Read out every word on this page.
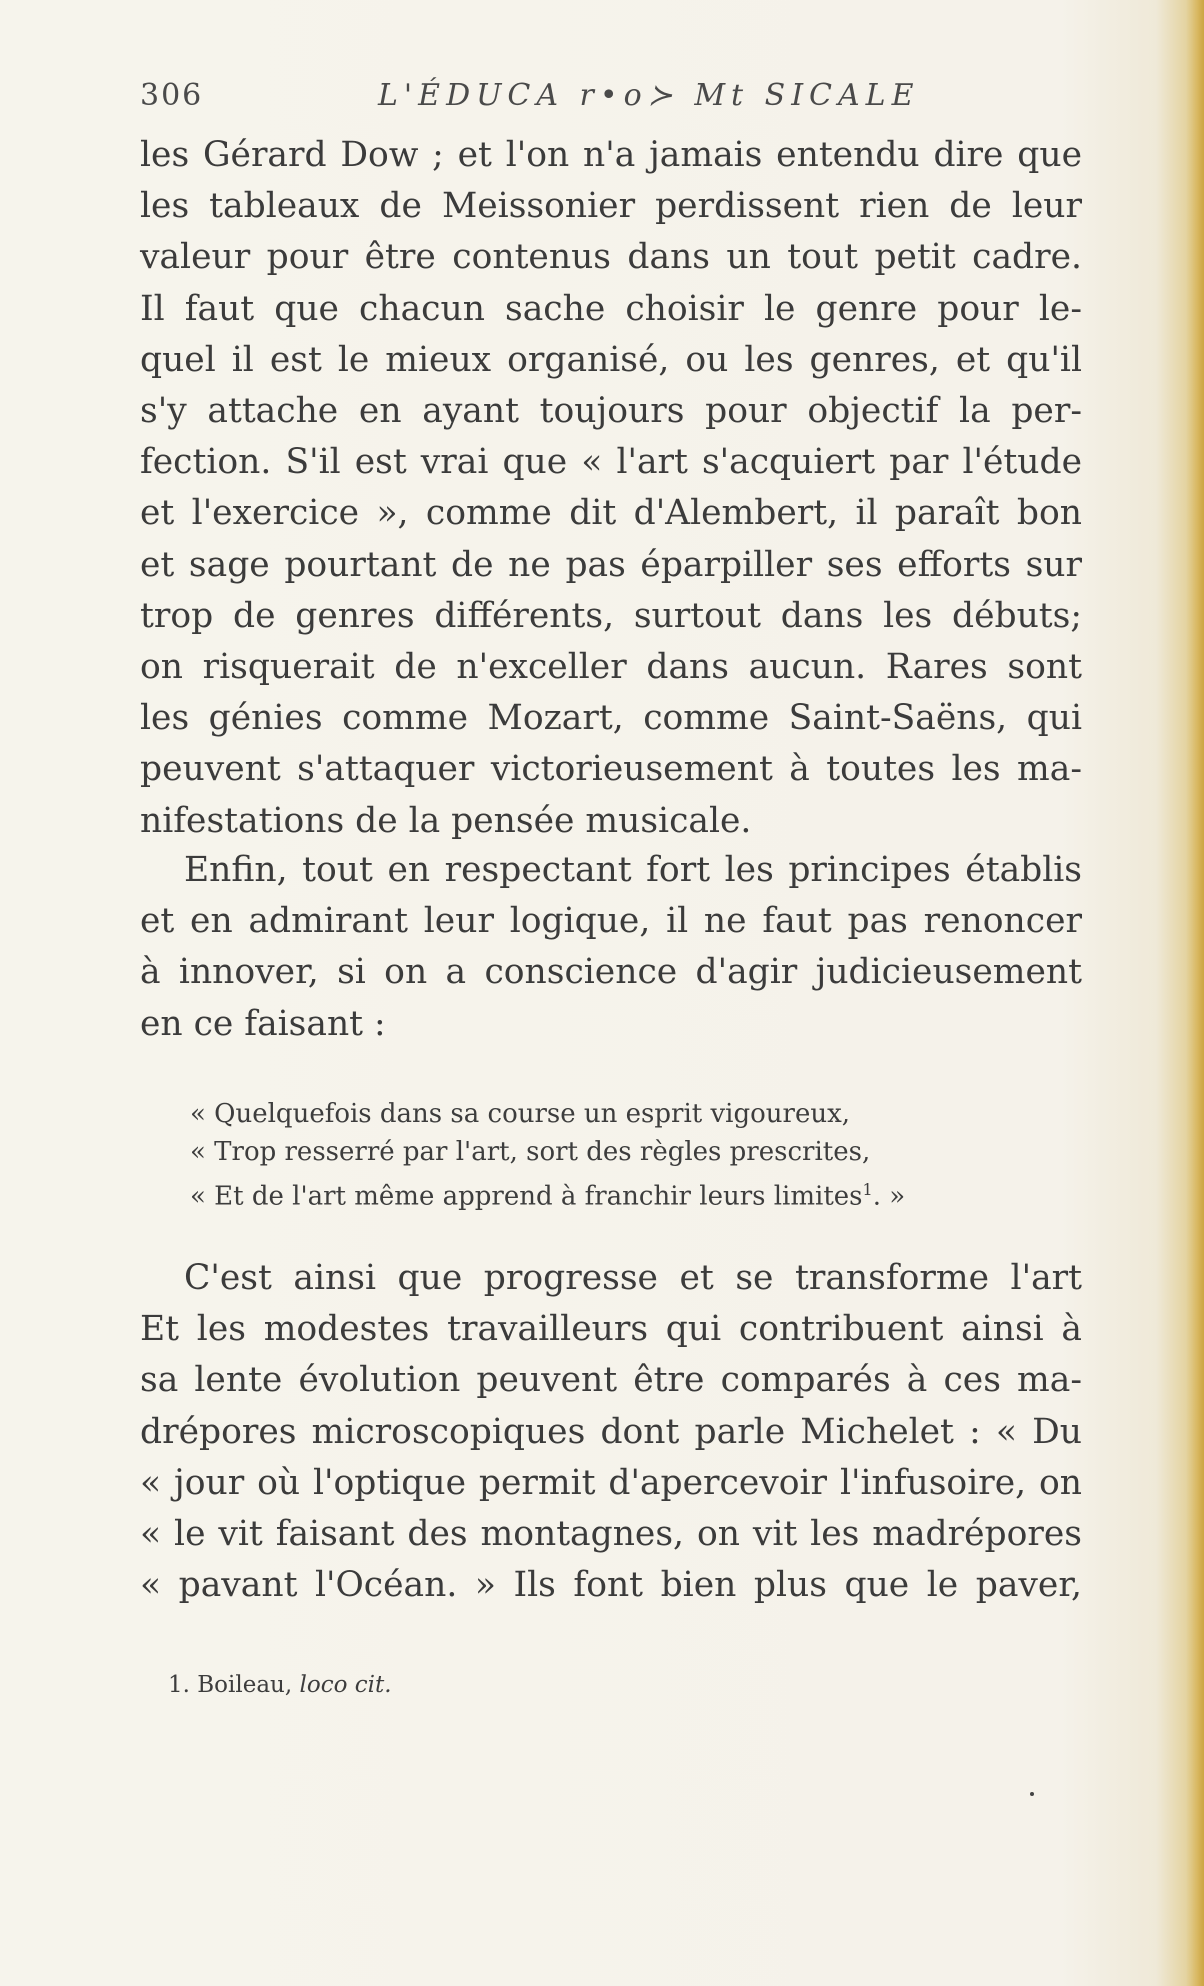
306	L'ÉDUCA r•o≻ Mt SICALE
les Gérard Dow ; et l'on n'a jamais entendu dire que
les tableaux de Meissonier perdissent rien de leur
valeur pour être contenus dans un tout petit cadre.
Il faut que chacun sache choisir le genre pour le-
quel il est le mieux organisé, ou les genres, et qu'il
s'y attache en ayant toujours pour objectif la per-
fection. S'il est vrai que « l'art s'acquiert par l'étude
et l'exercice », comme dit d'Alembert, il paraît bon
et sage pourtant de ne pas éparpiller ses efforts sur
trop de genres différents, surtout dans les débuts;
on risquerait de n'exceller dans aucun. Rares sont
les génies comme Mozart, comme Saint-Saëns, qui
peuvent s'attaquer victorieusement à toutes les ma-
nifestations de la pensée musicale.
Enfin, tout en respectant fort les principes établis
et en admirant leur logique, il ne faut pas renoncer
à innover, si on a conscience d'agir judicieusement
en ce faisant :
« Quelquefois dans sa course un esprit vigoureux,
« Trop resserré par l'art, sort des règles prescrites,
« Et de l'art même apprend à franchir leurs limites$^1$. »
C'est ainsi que progresse et se transforme l'art
Et les modestes travailleurs qui contribuent ainsi à
sa lente évolution peuvent être comparés à ces ma-
drépores microscopiques dont parle Michelet : « Du
« jour où l'optique permit d'apercevoir l'infusoire, on
« le vit faisant des montagnes, on vit les madrépores
« pavant l'Océan. » Ils font bien plus que le paver,
1. Boileau, loco cit.
